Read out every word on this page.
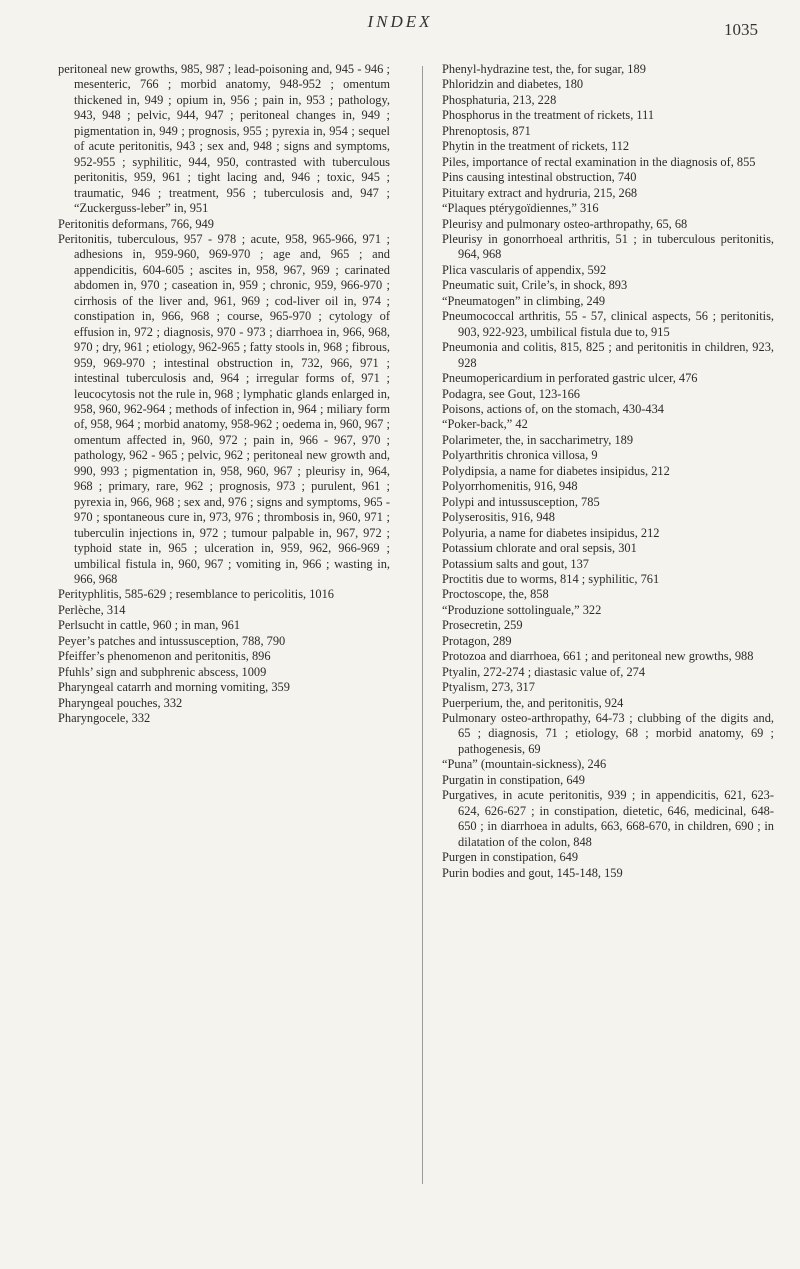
INDEX	1035

peritoneal new growths, 985, 987 ; lead-poisoning and, 945 - 946 ; mesenteric, 766 ; morbid anatomy, 948-952 ; omentum thickened in, 949 ; opium in, 956 ; pain in, 953 ; pathology, 943, 948 ; pelvic, 944, 947 ; peritoneal changes in, 949 ; pigmentation in, 949 ; prognosis, 955 ; pyrexia in, 954 ; sequel of acute peritonitis, 943 ; sex and, 948 ; signs and symptoms, 952-955 ; syphilitic, 944, 950, contrasted with tuberculous peritonitis, 959, 961 ; tight lacing and, 946 ; toxic, 945 ; traumatic, 946 ; treatment, 956 ; tuberculosis and, 947 ; “Zuckerguss-leber” in, 951

Peritonitis deformans, 766, 949

Peritonitis, tuberculous, 957 - 978 ; acute, 958, 965-966, 971 ; adhesions in, 959-960, 969-970 ; age and, 965 ; and appendicitis, 604-605 ; ascites in, 958, 967, 969 ; carinated abdomen in, 970 ; caseation in, 959 ; chronic, 959, 966-970 ; cirrhosis of the liver and, 961, 969 ; cod-liver oil in, 974 ; constipation in, 966, 968 ; course, 965-970 ; cytology of effusion in, 972 ; diagnosis, 970 - 973 ; diarrhoea in, 966, 968, 970 ; dry, 961 ; etiology, 962-965 ; fatty stools in, 968 ; fibrous, 959, 969-970 ; intestinal obstruction in, 732, 966, 971 ; intestinal tuberculosis and, 964 ; irregular forms of, 971 ; leucocytosis not the rule in, 968 ; lymphatic glands enlarged in, 958, 960, 962-964 ; methods of infection in, 964 ; miliary form of, 958, 964 ; morbid anatomy, 958-962 ; oedema in, 960, 967 ; omentum affected in, 960, 972 ; pain in, 966 - 967, 970 ; pathology, 962 - 965 ; pelvic, 962 ; peritoneal new growth and, 990, 993 ; pigmentation in, 958, 960, 967 ; pleurisy in, 964, 968 ; primary, rare, 962 ; prognosis, 973 ; purulent, 961 ; pyrexia in, 966, 968 ; sex and, 976 ; signs and symptoms, 965 - 970 ; spontaneous cure in, 973, 976 ; thrombosis in, 960, 971 ; tuberculin injections in, 972 ; tumour palpable in, 967, 972 ; typhoid state in, 965 ; ulceration in, 959, 962, 966-969 ; umbilical fistula in, 960, 967 ; vomiting in, 966 ; wasting in, 966, 968

Perityphlitis, 585-629 ; resemblance to pericolitis, 1016

Perlèche, 314

Perlsucht in cattle, 960 ; in man, 961

Peyer’s patches and intussusception, 788, 790

Pfeiffer’s phenomenon and peritonitis, 896

Pfuhls’ sign and subphrenic abscess, 1009

Pharyngeal catarrh and morning vomiting, 359

Pharyngeal pouches, 332

Pharyngocele, 332

Phenyl-hydrazine test, the, for sugar, 189

Phloridzin and diabetes, 180

Phosphaturia, 213, 228

Phosphorus in the treatment of rickets, 111

Phrenoptosis, 871

Phytin in the treatment of rickets, 112

Piles, importance of rectal examination in the diagnosis of, 855

Pins causing intestinal obstruction, 740

Pituitary extract and hydruria, 215, 268

“Plaques ptérygoïdiennes,” 316

Pleurisy and pulmonary osteo-arthropathy, 65, 68

Pleurisy in gonorrhoeal arthritis, 51 ; in tuberculous peritonitis, 964, 968

Plica vascularis of appendix, 592

Pneumatic suit, Crile’s, in shock, 893

“Pneumatogen” in climbing, 249

Pneumococcal arthritis, 55 - 57, clinical aspects, 56 ; peritonitis, 903, 922-923, umbilical fistula due to, 915

Pneumonia and colitis, 815, 825 ; and peritonitis in children, 923, 928

Pneumopericardium in perforated gastric ulcer, 476

Podagra, see Gout, 123-166

Poisons, actions of, on the stomach, 430-434

“Poker-back,” 42

Polarimeter, the, in saccharimetry, 189

Polyarthritis chronica villosa, 9

Polydipsia, a name for diabetes insipidus, 212

Polyorrhomenitis, 916, 948

Polypi and intussusception, 785

Polyserositis, 916, 948

Polyuria, a name for diabetes insipidus, 212

Potassium chlorate and oral sepsis, 301

Potassium salts and gout, 137

Proctitis due to worms, 814 ; syphilitic, 761

Proctoscope, the, 858

“Produzione sottolinguale,” 322

Prosecretin, 259

Protagon, 289

Protozoa and diarrhoea, 661 ; and peritoneal new growths, 988

Ptyalin, 272-274 ; diastasic value of, 274

Ptyalism, 273, 317

Puerperium, the, and peritonitis, 924

Pulmonary osteo-arthropathy, 64-73 ; clubbing of the digits and, 65 ; diagnosis, 71 ; etiology, 68 ; morbid anatomy, 69 ; pathogenesis, 69

“Puna” (mountain-sickness), 246

Purgatin in constipation, 649

Purgatives, in acute peritonitis, 939 ; in appendicitis, 621, 623-624, 626-627 ; in constipation, dietetic, 646, medicinal, 648-650 ; in diarrhoea in adults, 663, 668-670, in children, 690 ; in dilatation of the colon, 848

Purgen in constipation, 649

Purin bodies and gout, 145-148, 159
